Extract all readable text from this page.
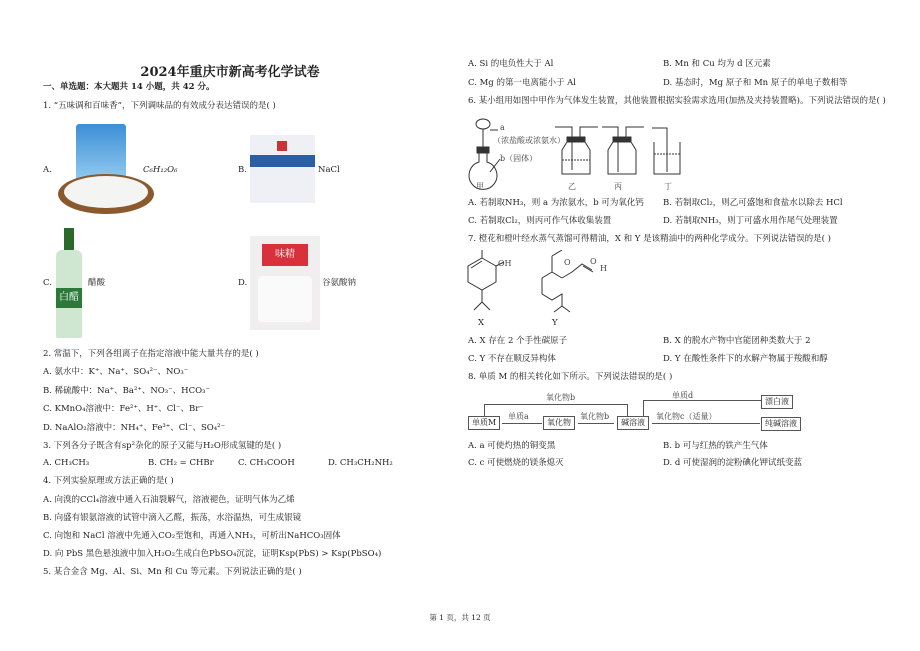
2024年重庆市新高考化学试卷
一、单选题：本大题共 14 小题，共 42 分。
1. “五味调和百味香”，下列调味品的有效成分表达错误的是( )
A.	C₆H₁₂O₆	B.	NaCl
C.
白醋
醋酸	D.
味精
谷氨酸钠
2. 常温下，下列各组离子在指定溶液中能大量共存的是( )
A. 氨水中：K⁺、Na⁺、SO₄²⁻、NO₃⁻
B. 稀硫酸中：Na⁺、Ba²⁺、NO₃⁻、HCO₃⁻
C. KMnO₄溶液中：Fe²⁺、H⁺、Cl⁻、Br⁻
D. NaAlO₂溶液中：NH₄⁺、Fe³⁺、Cl⁻、SO₄²⁻
3. 下列各分子既含有sp²杂化的原子又能与H₂O形成氢键的是( )
A. CH₃CH₃	B. CH₂ = CHBr	C. CH₃COOH	D. CH₃CH₂NH₂
4. 下列实验原理或方法正确的是( )
A. 向溴的CCl₄溶液中通入石油裂解气，溶液褪色，证明气体为乙烯
B. 向盛有银氨溶液的试管中滴入乙醛，振荡，水浴温热，可生成银镜
C. 向饱和 NaCl 溶液中先通入CO₂至饱和，再通入NH₃，可析出NaHCO₃固体
D. 向 PbS 黑色悬浊液中加入H₂O₂生成白色PbSO₄沉淀，证明Ksp(PbS) > Ksp(PbSO₄)
5. 某合金含 Mg、Al、Si、Mn 和 Cu 等元素。下列说法正确的是( )
A. Si 的电负性大于 Al	B. Mn 和 Cu 均为 d 区元素
C. Mg 的第一电离能小于 Al	D. 基态时，Mg 原子和 Mn 原子的单电子数相等
6. 某小组用如图中甲作为气体发生装置，其他装置根据实验需求选用(加热及夹持装置略)。下列说法错误的是( )
a
（浓盐酸或浓氨水）
b（固体）
甲	乙	丙	丁
A. 若制取NH₃，则 a 为浓氨水，b 可为氧化钙 B. 若制取Cl₂，则乙可盛饱和食盐水以除去 HCl
C. 若制取Cl₂，则丙可作气体收集装置	D. 若制取NH₃，则丁可盛水用作尾气处理装置
7. 橙花和橙叶经水蒸气蒸馏可得精油，X 和 Y 是该精油中的两种化学成分。下列说法错误的是( )
OH	O O
H
X	Y
A. X 存在 2 个手性碳原子	B. X 的脱水产物中官能团种类数大于 2
C. Y 不存在顺反异构体	D. Y 在酸性条件下的水解产物属于羧酸和醇
8. 单质 M 的相关转化如下所示。下列说法错误的是( )
单质M	氧化物	碱溶液
漂白液
纯碱溶液
氧化物b
单质a	氧化物b
单质d
氧化物c（适量）
A. a 可使灼热的铜变黑	B. b 可与红热的铁产生气体
C. c 可使燃烧的镁条熄灭	D. d 可使湿润的淀粉碘化钾试纸变蓝
第 1 页，共 12 页
